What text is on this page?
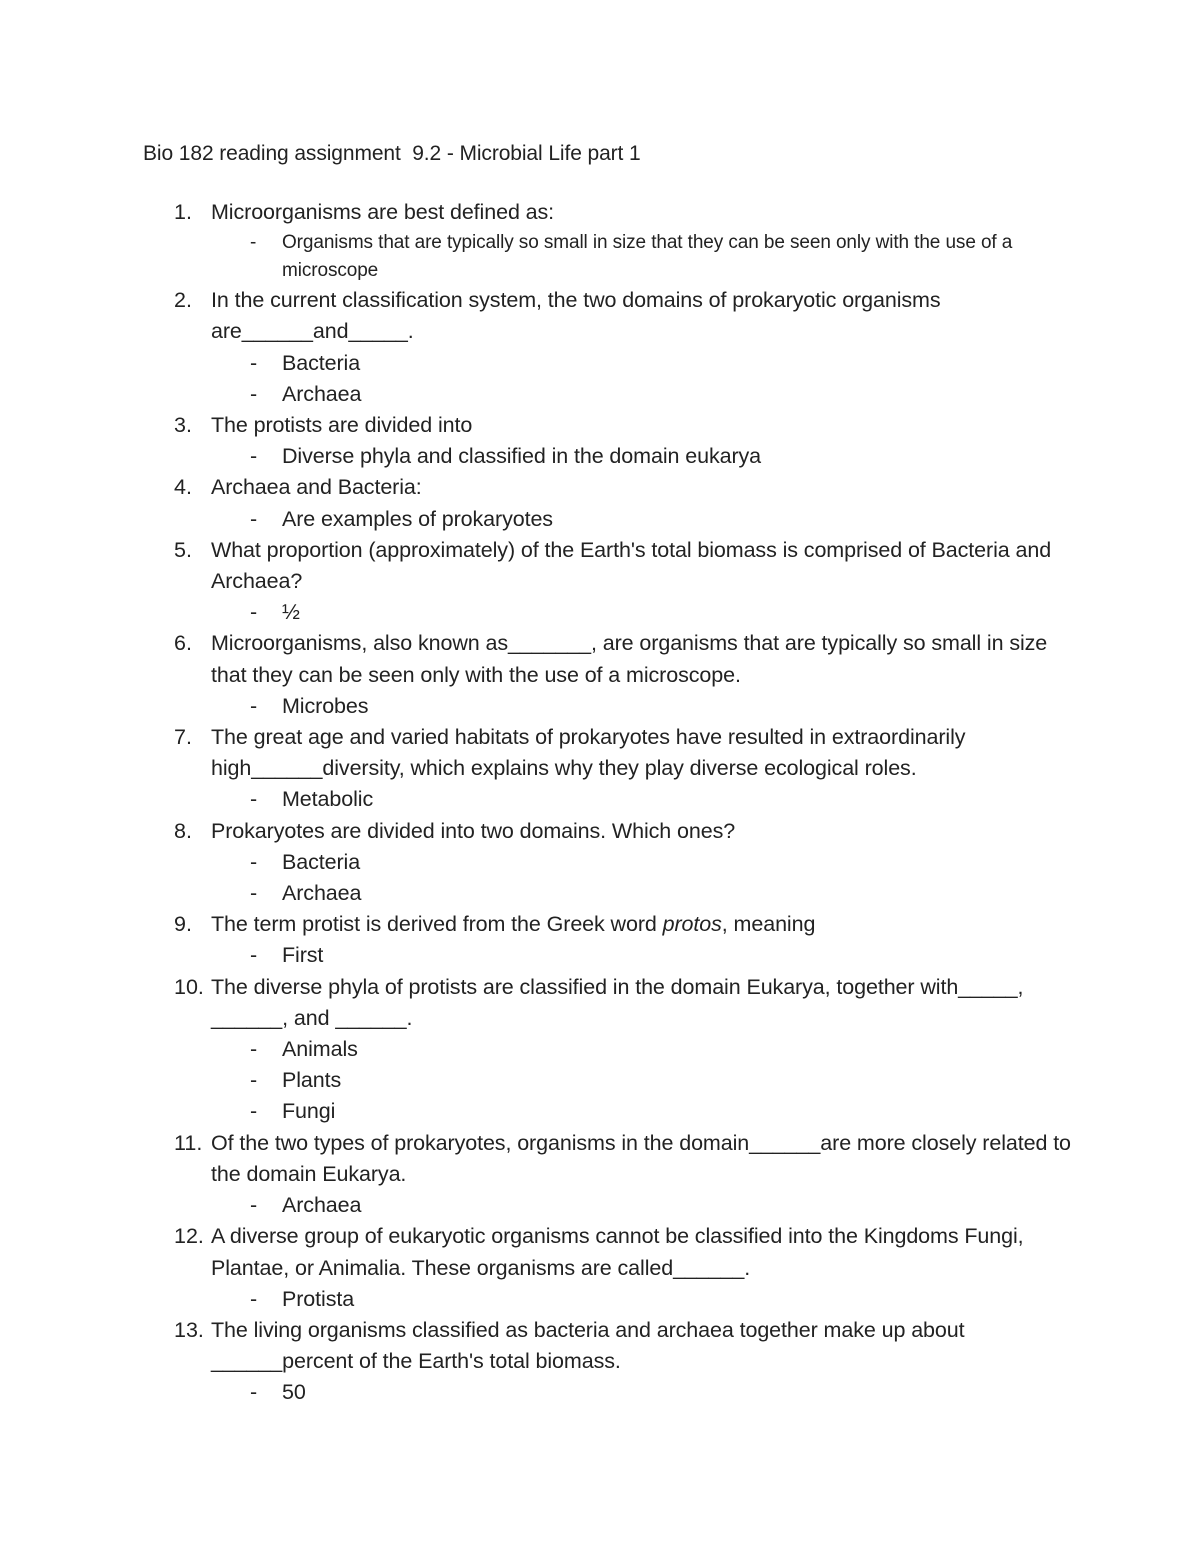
Bio 182 reading assignment  9.2 - Microbial Life part 1
1. Microorganisms are best defined as:
- Organisms that are typically so small in size that they can be seen only with the use of a microscope
2. In the current classification system, the two domains of prokaryotic organisms are______and_____.
- Bacteria
- Archaea
3. The protists are divided into
- Diverse phyla and classified in the domain eukarya
4. Archaea and Bacteria:
- Are examples of prokaryotes
5. What proportion (approximately) of the Earth's total biomass is comprised of Bacteria and Archaea?
- ½
6. Microorganisms, also known as_______, are organisms that are typically so small in size that they can be seen only with the use of a microscope.
- Microbes
7. The great age and varied habitats of prokaryotes have resulted in extraordinarily high______diversity, which explains why they play diverse ecological roles.
- Metabolic
8. Prokaryotes are divided into two domains. Which ones?
- Bacteria
- Archaea
9. The term protist is derived from the Greek word protos, meaning
- First
10. The diverse phyla of protists are classified in the domain Eukarya, together with_____, ______, and ______.
- Animals
- Plants
- Fungi
11. Of the two types of prokaryotes, organisms in the domain______are more closely related to the domain Eukarya.
- Archaea
12. A diverse group of eukaryotic organisms cannot be classified into the Kingdoms Fungi, Plantae, or Animalia. These organisms are called______.
- Protista
13. The living organisms classified as bacteria and archaea together make up about ______percent of the Earth's total biomass.
- 50
